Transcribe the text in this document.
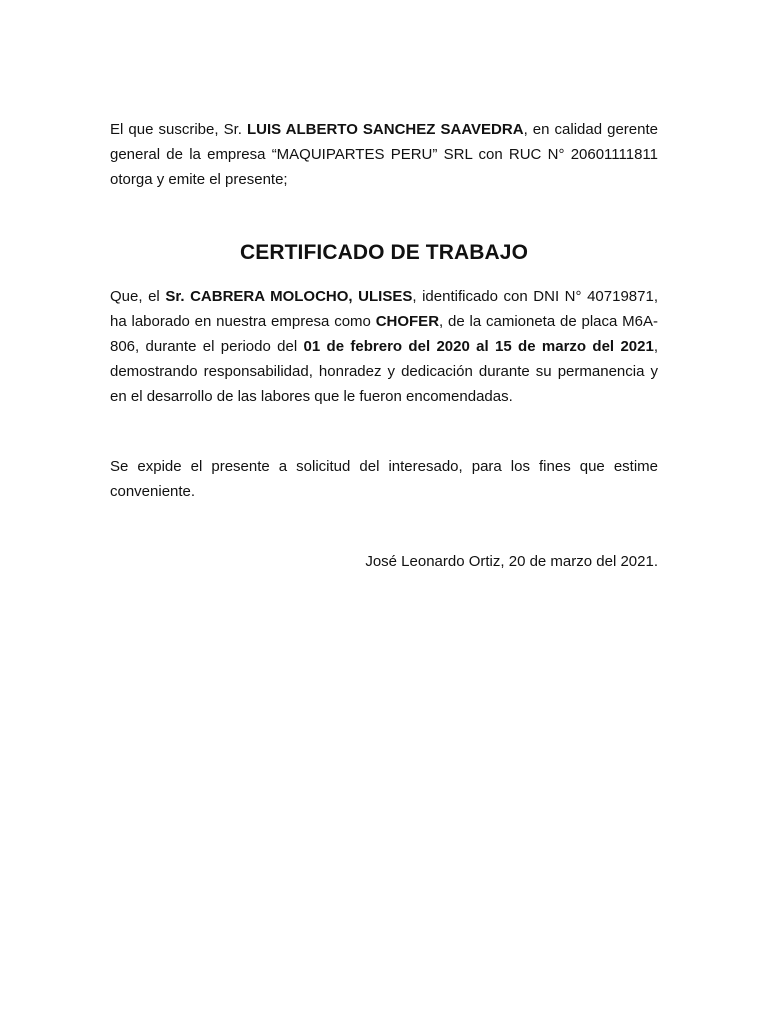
El que suscribe, Sr. LUIS ALBERTO SANCHEZ SAAVEDRA, en calidad gerente general de la empresa “MAQUIPARTES PERU” SRL con RUC N° 20601111811 otorga y emite el presente;

CERTIFICADO DE TRABAJO

Que, el Sr. CABRERA MOLOCHO, ULISES, identificado con DNI N° 40719871, ha laborado en nuestra empresa como CHOFER, de la camioneta de placa M6A-806, durante el periodo del 01 de febrero del 2020 al 15 de marzo del 2021, demostrando responsabilidad, honradez y dedicación durante su permanencia y en el desarrollo de las labores que le fueron encomendadas.

Se expide el presente a solicitud del interesado, para los fines que estime conveniente.

José Leonardo Ortiz, 20 de marzo del 2021.
